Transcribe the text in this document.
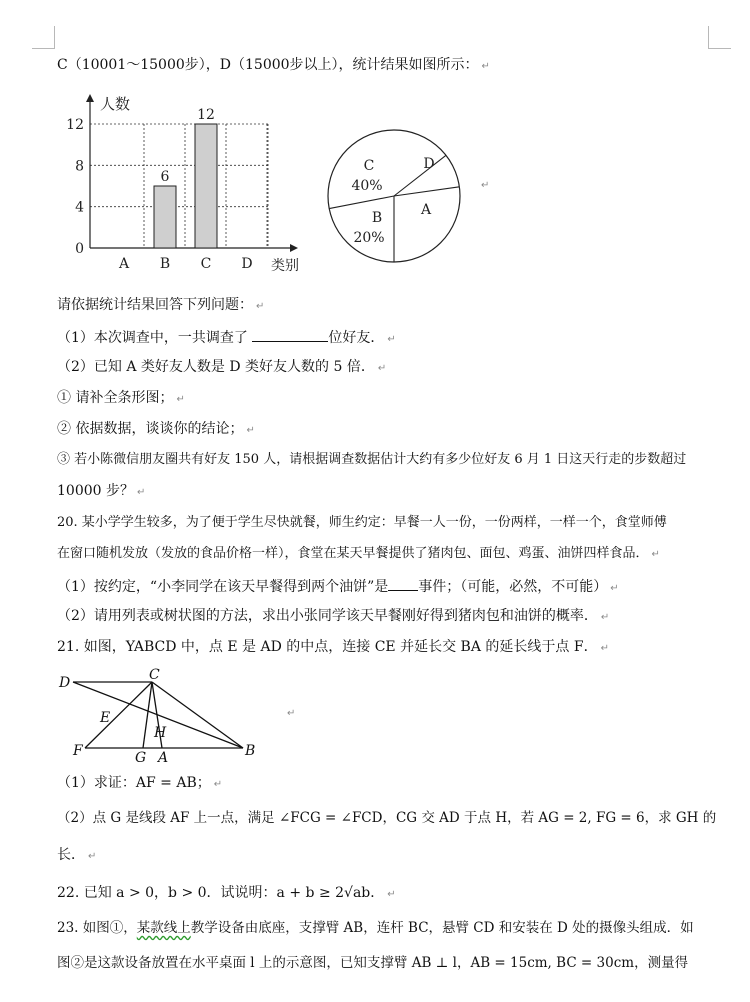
C（10001～15000步），D（15000步以上），统计结果如图所示： ↵
0
4
8
12
人数
类别
A B
6
C
12
D
A
B
20%
C
40%
D
↵
请依据统计结果回答下列问题： ↵
（1）本次调查中，一共调查了	位好友． ↵
（2）已知 A 类好友人数是 D 类好友人数的 5 倍． ↵
① 请补全条形图； ↵
② 依据数据，谈谈你的结论； ↵
③ 若小陈微信朋友圈共有好友 150 人，请根据调查数据估计大约有多少位好友 6 月 1 日这天行走的步数超过
10000 步？ ↵
20. 某小学学生较多，为了便于学生尽快就餐，师生约定：早餐一人一份，一份两样，一样一个，食堂师傅
在窗口随机发放（发放的食品价格一样），食堂在某天早餐提供了猪肉包、面包、鸡蛋、油饼四样食品． ↵
（1）按约定，“小李同学在该天早餐得到两个油饼”是 事件；（可能，必然，不可能） ↵
（2）请用列表或树状图的方法，求出小张同学该天早餐刚好得到猪肉包和油饼的概率． ↵
21. 如图，YABCD 中，点 E 是 AD 的中点，连接 CE 并延长交 BA 的延长线于点 F． ↵
D	C
E
H
F	G A	B
↵
（1）求证：AF = AB； ↵
（2）点 G 是线段 AF 上一点，满足 ∠FCG = ∠FCD，CG 交 AD 于点 H，若 AG = 2, FG = 6，求 GH 的
长． ↵
22. 已知 a > 0，b > 0．试说明：a + b ≥ 2√ab． ↵
23. 如图①，某款线上教学设备由底座，支撑臂 AB，连杆 BC，悬臂 CD 和安装在 D 处的摄像头组成．如
图②是这款设备放置在水平桌面 l 上的示意图，已知支撑臂 AB ⊥ l，AB = 15cm, BC = 30cm，测量得
